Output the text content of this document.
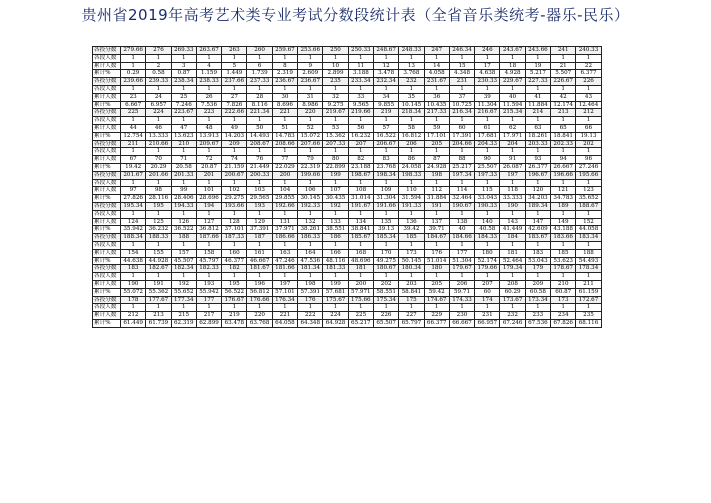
贵州省2019年高考艺术类专业考试分数段统计表（全省音乐类统考-器乐-民乐）
各投分数	279.66	276	269.33	263.67	263	260	259.67	253.66	250	250.33	248.67	248.33	247	246.34	246	243.67	243.66	241	240.33
各段人数	1	1	1	1	1	1	1	1	1	1	1	1	1	1	1	1	1	1	1
累计人数	1	2	3	4	5	6	8	9	10	11	12	13	14	15	17	18	19	21	22
累计%	0.29	0.58	0.87	1.159	1.449	1.739	2.319	2.609	2.899	3.188	3.478	3.768	4.058	4.348	4.638	4.928	5.217	5.507	6.377
各投分数	239.66	239.33	238.34	238.33	237.66	237.33	236.67	236.67	235	233.34	232.34	232	231.67	231	230.33	229.67	227.33	226.67	226
各段人数	1	1	1	1	1	1	1	1	1	1	1	1	1	1	1	1	1	1	1
累计人数	23	24	25	26	27	28	30	31	32	33	34	35	36	37	39	40	41	42	43
累计%	6.667	6.957	7.246	7.536	7.826	8.116	8.696	8.986	9.275	9.565	9.855	10.145	10.435	10.725	11.304	11.594	11.884	12.174	12.464
各投分数	225	224	223.67	223	222.66	221.34	221	220	219.67	219.66	219	218.34	217.33	216.34	216.67	215.34	214	213	212
各段人数	1	1	1	1	1	1	1	1	1	1	1	1	1	1	1	1	1	1	1
累计人数	44	46	47	48	49	50	51	52	53	56	57	58	59	60	61	62	63	65	66
累计%	12.754	13.333	13.623	13.913	14.203	14.493	14.783	15.072	15.362	16.232	16.522	16.812	17.101	17.391	17.681	17.971	18.261	18.841	19.13
各投分数	211	210.66	210	209.67	209	208.67	208.66	207.66	207.33	207	206.67	206	205	204.66	204.33	204	203.33	202.33	202
各段人数	1	1	1	1	1	1	1	1	1	1	1	1	1	1	1	1	1	1	1
累计人数	67	70	71	72	74	76	77	79	80	82	83	86	87	88	90	91	93	94	96
累计%	19.42	20.29	20.58	20.87	21.159	21.449	22.029	22.319	22.899	23.188	23.768	24.058	24.928	25.217	25.507	26.087	26.377	26.667	27.246
各投分数	201.67	201.66	201.33	201	200.67	200.33	200	199.66	199	198.67	198.34	198.33	198	197.34	197.33	197	196.67	196.66	195.66
各段人数	1	1	1	1	1	1	1	1	1	1	1	1	1	1	1	1	1	1	1
累计人数	97	98	99	101	102	103	104	106	107	108	109	110	112	114	115	118	120	121	123
累计%	27.826	28.116	28.406	28.696	29.275	29.565	29.855	30.145	30.435	31.014	31.304	31.594	31.884	32.464	33.043	33.333	34.203	34.783	35.652
各投分数	195.34	195	194.33	194	193.66	193	192.66	192.33	192	191.67	191.66	191.33	191	190.67	190.33	190	189.34	189	188.67
各段人数	1	1	1	1	1	1	1	1	1	1	1	1	1	1	1	1	1	1	1
累计人数	124	125	126	127	128	129	131	132	133	134	135	136	137	138	140	143	147	149	152
累计%	35.942	36.232	36.522	36.812	37.101	37.391	37.971	38.261	38.551	38.841	39.13	39.42	39.71	40	40.58	41.449	42.609	43.188	44.058
各投分数	188.34	188.33	188	187.66	187.33	187	186.66	186.33	186	185.67	185.34	185	184.67	184.66	184.33	184	183.67	183.66	183.34
各段人数	1	1	1	1	1	1	1	1	1	1	1	1	1	1	1	1	1	1	1
累计人数	154	155	157	158	160	161	163	164	166	168	170	173	176	177	180	181	183	185	188
累计%	44.638	44.928	45.507	45.797	46.377	46.667	47.246	47.536	48.116	48.696	49.275	50.145	51.014	51.304	52.174	52.464	53.043	53.623	54.493
各投分数	183	182.67	182.34	182.33	182	181.67	181.66	181.34	181.33	181	180.67	180.34	180	179.67	179.66	179.34	179	178.67	178.34
各段人数	1	1	1	1	1	1	1	1	1	1	1	1	1	1	1	1	1	1	1
累计人数	190	191	192	193	195	196	197	198	199	200	202	203	205	206	207	208	209	210	211
累计%	55.072	55.362	55.652	55.942	56.522	56.812	57.101	57.391	57.681	57.971	58.551	58.841	59.42	59.71	60	60.29	60.58	60.87	61.159
各投分数	178	177.67	177.34	177	176.67	176.66	176.34	176	175.67	175.66	175.34	175	174.67	174.33	174	173.67	173.34	173	172.67
各段人数	1	1	1	1	1	1	1	1	1	1	1	1	1	1	1	1	1	1	1
累计人数	212	213	215	217	219	220	221	222	224	225	226	227	229	230	231	232	233	234	235
累计%	61.449	61.739	62.319	62.899	63.478	63.768	64.058	64.348	64.928	65.217	65.507	65.797	66.377	66.667	66.957	67.246	67.536	67.826	68.116
